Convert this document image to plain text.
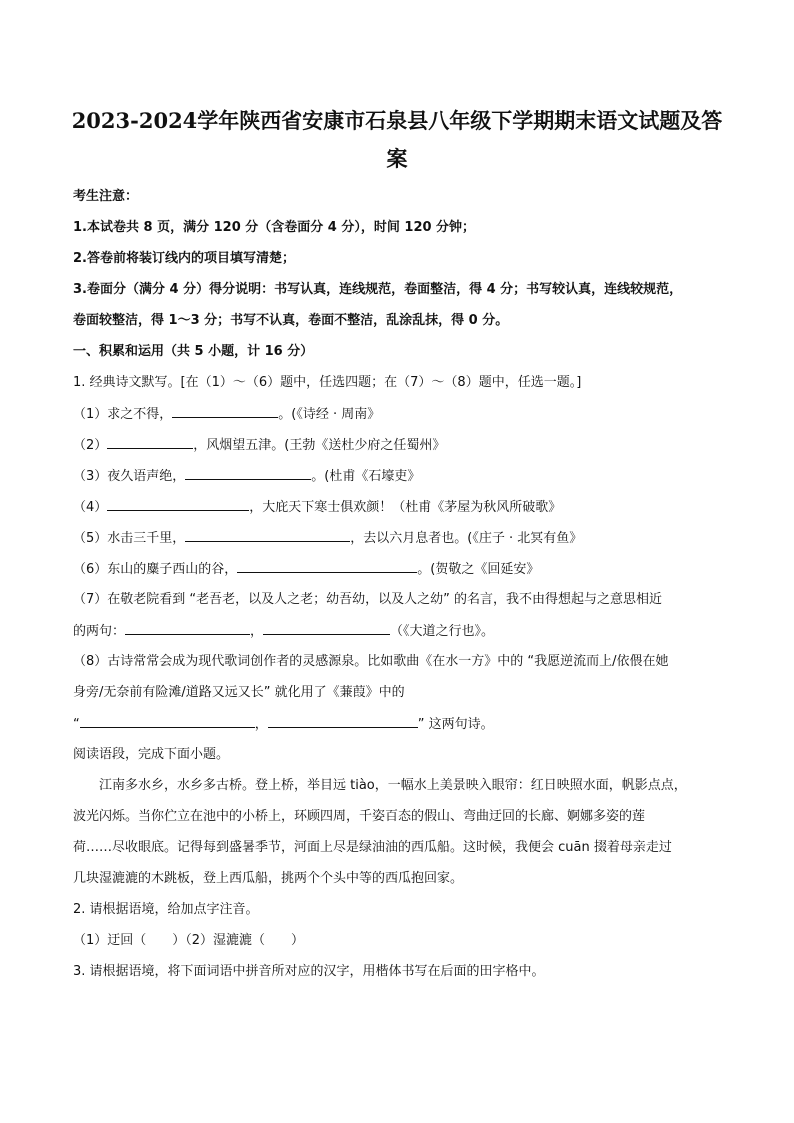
2023-2024学年陕西省安康市石泉县八年级下学期期末语文试题及答
案
考生注意：
1.本试卷共 8 页，满分 120 分（含卷面分 4 分），时间 120 分钟；
2.答卷前将装订线内的项目填写清楚；
3.卷面分（满分 4 分）得分说明：书写认真，连线规范，卷面整洁，得 4 分；书写较认真，连线较规范，
卷面较整洁，得 1～3 分；书写不认真，卷面不整洁，乱涂乱抹，得 0 分。
一、积累和运用（共 5 小题，计 16 分）
1. 经典诗文默写。[在（1）～（6）题中，任选四题；在（7）～（8）题中，任选一题。]
（1）求之不得，	。(《诗经 · 周南》
（2）	，风烟望五津。(王勃《送杜少府之任蜀州》
（3）夜久语声绝，	。(杜甫《石壕吏》
（4）	，大庇天下寒士俱欢颜！（杜甫《茅屋为秋风所破歌》
（5）水击三千里，	，去以六月息者也。(《庄子 · 北冥有鱼》
（6）东山的麋子西山的谷，	。(贺敬之《回延安》
（7）在敬老院看到 “老吾老，以及人之老；幼吾幼，以及人之幼” 的名言，我不由得想起与之意思相近
的两句：	，	（《大道之行也》。
（8）古诗常常会成为现代歌词创作者的灵感源泉。比如歌曲《在水一方》中的 “我愿逆流而上/依偎在她
身旁/无奈前有险滩/道路又远又长” 就化用了《蒹葭》中的
“	，	” 这两句诗。
阅读语段，完成下面小题。
江南多水乡，水乡多古桥。登上桥，举目远 tiào，一幅水上美景映入眼帘：红日映照水面，帆影点点，
波光闪烁。当你伫立在池中的小桥上，环顾四周，千姿百态的假山、弯曲迂回的长廊、婀娜多姿的莲
荷……尽收眼底。记得每到盛暑季节，河面上尽是绿油油的西瓜船。这时候，我便会 cuān 掇着母亲走过
几块湿漉漉的木跳板，登上西瓜船，挑两个个头中等的西瓜抱回家。
2. 请根据语境，给加点字注音。
（1）迂回（　　）（2）湿漉漉（　　）
3. 请根据语境，将下面词语中拼音所对应的汉字，用楷体书写在后面的田字格中。
